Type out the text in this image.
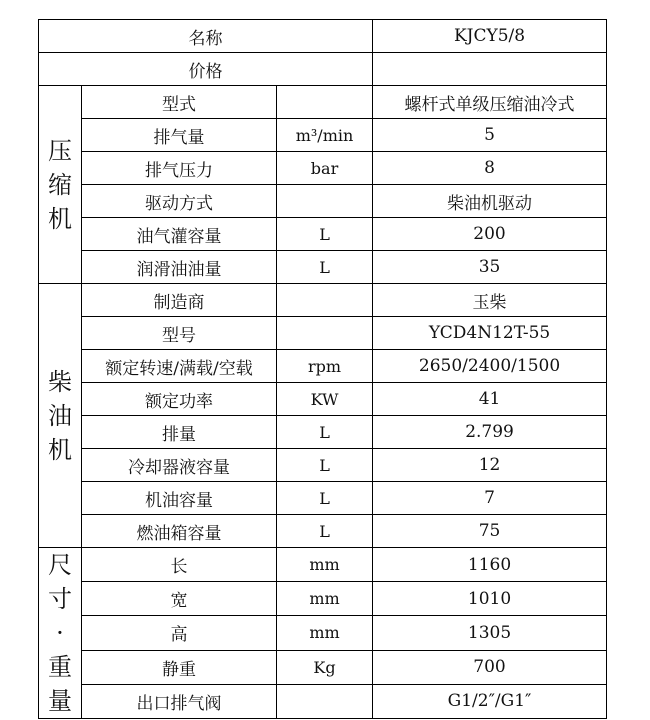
名称			KJCY5/8
价格			

压
缩
机	型式		螺杆式单级压缩油冷式
	排气量	m³/min	5
	排气压力	bar	8
	驱动方式		柴油机驱动
	油气灌容量	L	200
	润滑油油量	L	35

柴
油
机	制造商		玉柴
	型号		YCD4N12T-55
	额定转速/满载/空载	rpm	2650/2400/1500
	额定功率	KW	41
	排量	L	2.799
	冷却器液容量	L	12
	机油容量	L	7
	燃油箱容量	L	75

尺
寸
·
重
量	长	mm	1160
	宽	mm	1010
	高	mm	1305
	静重	Kg	700
	出口排气阀		G1/2″/G1″
